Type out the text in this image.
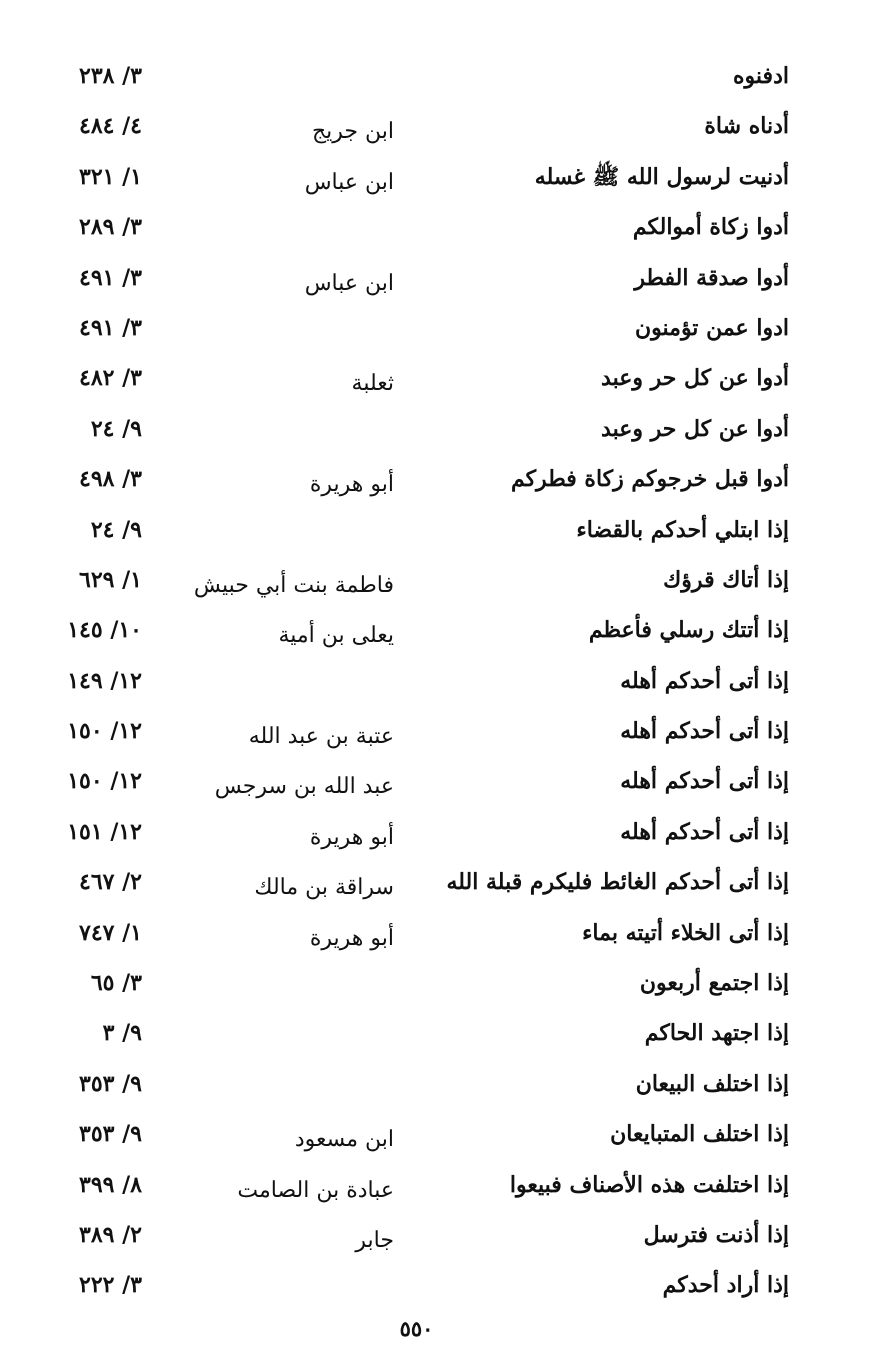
ادفنوه
٣/ ٢٣٨
أدناه شاة
ابن جريج
٤/ ٤٨٤
أدنيت لرسول الله ﷺ غسله
ابن عباس
١/ ٣٢١
أدوا زكاة أموالكم
٣/ ٢٨٩
أدوا صدقة الفطر
ابن عباس
٣/ ٤٩١
ادوا عمن تؤمنون
٣/ ٤٩١
أدوا عن كل حر وعبد
ثعلبة
٣/ ٤٨٢
أدوا عن كل حر وعبد
٩/ ٢٤
أدوا قبل خرجوكم زكاة فطركم
أبو هريرة
٣/ ٤٩٨
إذا ابتلي أحدكم بالقضاء
٩/ ٢٤
إذا أتاك قرؤك
فاطمة بنت أبي حبيش
١/ ٦٢٩
إذا أتتك رسلي فأعظم
يعلى بن أمية
١٠/ ١٤٥
إذا أتى أحدكم أهله
١٢/ ١٤٩
إذا أتى أحدكم أهله
عتبة بن عبد الله
١٢/ ١٥٠
إذا أتى أحدكم أهله
عبد الله بن سرجس
١٢/ ١٥٠
إذا أتى أحدكم أهله
أبو هريرة
١٢/ ١٥١
إذا أتى أحدكم الغائط فليكرم قبلة الله
سراقة بن مالك
٢/ ٤٦٧
إذا أتى الخلاء أتيته بماء
أبو هريرة
١/ ٧٤٧
إذا اجتمع أربعون
٣/ ٦٥
إذا اجتهد الحاكم
٩/ ٣
إذا اختلف البيعان
٩/ ٣٥٣
إذا اختلف المتبايعان
ابن مسعود
٩/ ٣٥٣
إذا اختلفت هذه الأصناف فبيعوا
عبادة بن الصامت
٨/ ٣٩٩
إذا أذنت فترسل
جابر
٢/ ٣٨٩
إذا أراد أحدكم
٣/ ٢٢٢
٥٥٠
